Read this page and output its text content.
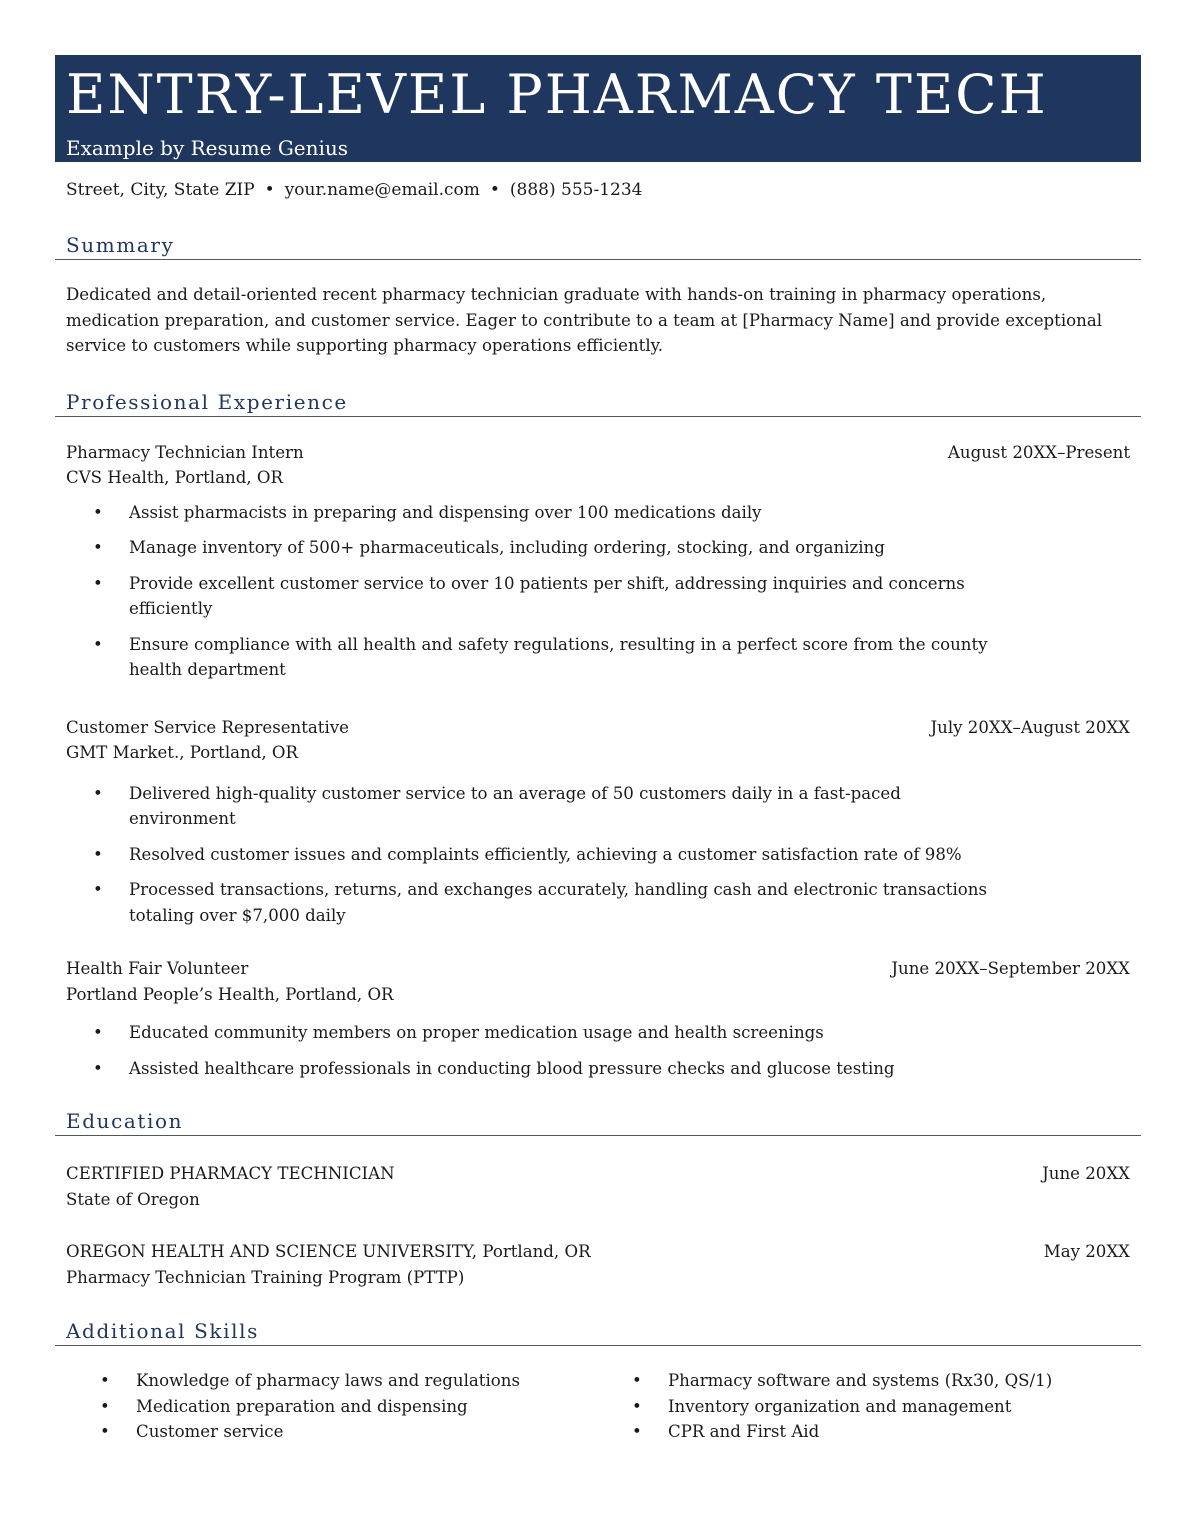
ENTRY-LEVEL PHARMACY TECH
Example by Resume Genius
Street, City, State ZIP • your.name@email.com • (888) 555-1234
Summary

Dedicated and detail-oriented recent pharmacy technician graduate with hands-on training in pharmacy operations, medication preparation, and customer service. Eager to contribute to a team at [Pharmacy Name] and provide exceptional service to customers while supporting pharmacy operations efficiently.

Professional Experience
Pharmacy Technician Intern	August 20XX–Present
CVS Health, Portland, OR
• Assist pharmacists in preparing and dispensing over 100 medications daily
• Manage inventory of 500+ pharmaceuticals, including ordering, stocking, and organizing
• Provide excellent customer service to over 10 patients per shift, addressing inquiries and concerns efficiently
• Ensure compliance with all health and safety regulations, resulting in a perfect score from the county health department
Customer Service Representative	July 20XX–August 20XX
GMT Market., Portland, OR
• Delivered high-quality customer service to an average of 50 customers daily in a fast-paced environment
• Resolved customer issues and complaints efficiently, achieving a customer satisfaction rate of 98%
• Processed transactions, returns, and exchanges accurately, handling cash and electronic transactions totaling over $7,000 daily
Health Fair Volunteer	June 20XX–September 20XX
Portland People’s Health, Portland, OR
• Educated community members on proper medication usage and health screenings
• Assisted healthcare professionals in conducting blood pressure checks and glucose testing
Education
CERTIFIED PHARMACY TECHNICIAN	June 20XX
State of Oregon
OREGON HEALTH AND SCIENCE UNIVERSITY, Portland, OR	May 20XX
Pharmacy Technician Training Program (PTTP)
Additional Skills
• Knowledge of pharmacy laws and regulations
• Medication preparation and dispensing
• Customer service
• Pharmacy software and systems (Rx30, QS/1)
• Inventory organization and management
• CPR and First Aid
